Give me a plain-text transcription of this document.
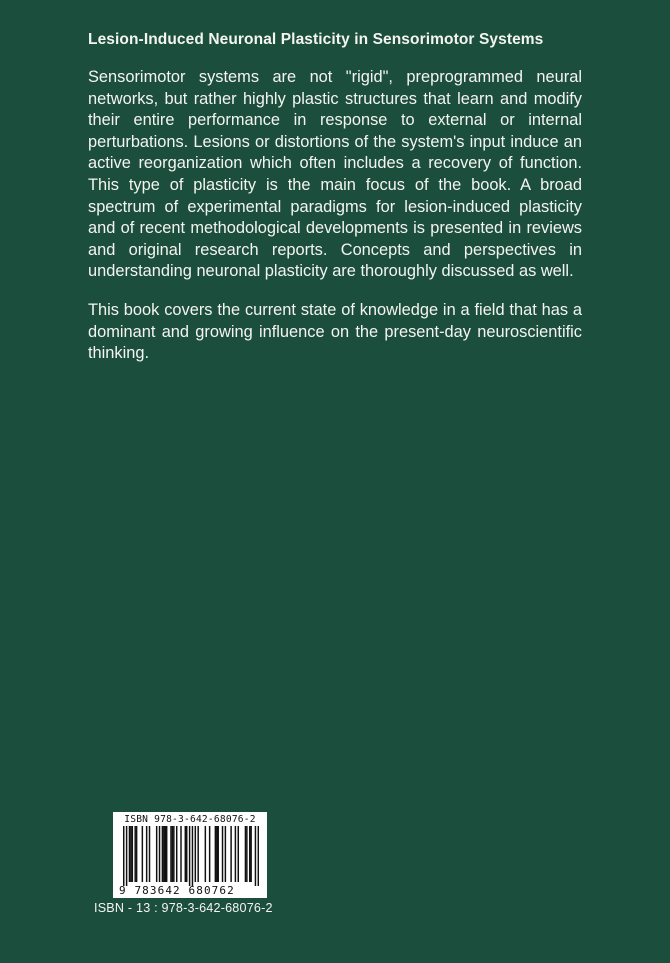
Lesion-Induced Neuronal Plasticity in Sensorimotor Systems

Sensorimotor systems are not "rigid", preprogrammed neural networks, but rather highly plastic structures that learn and modify their entire performance in response to external or internal perturbations. Lesions or distortions of the system's input induce an active reorganization which often includes a recovery of function. This type of plasticity is the main focus of the book. A broad spectrum of experimental paradigms for lesion-induced plasticity and of recent methodological developments is presented in reviews and original research reports. Concepts and perspectives in understanding neuronal plasticity are thoroughly discussed as well.

This book covers the current state of knowledge in a field that has a dominant and growing influence on the present-day neuroscientific thinking.

ISBN 978-3-642-68076-2
9 783642 680762
ISBN - 13 : 978-3-642-68076-2
